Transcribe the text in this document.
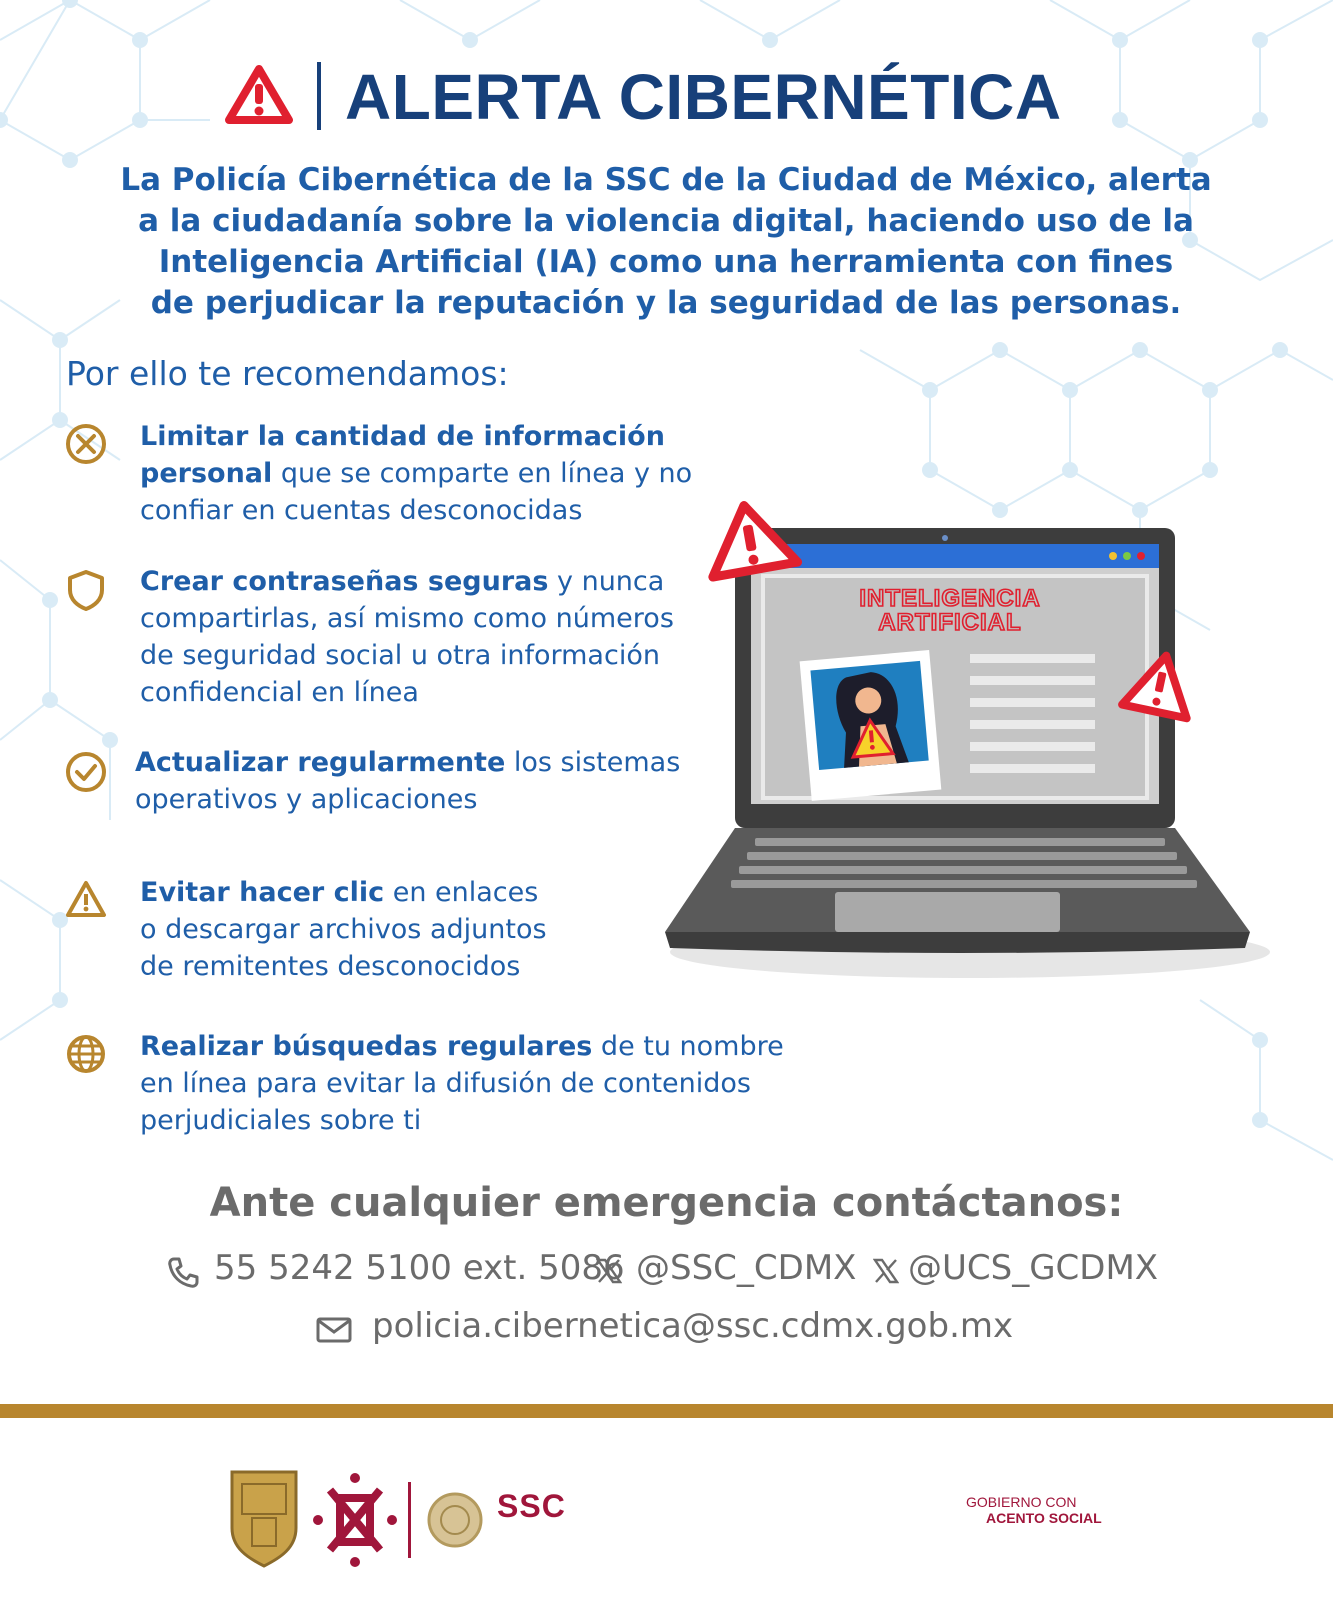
ALERTA CIBERNÉTICA
La Policía Cibernética de la SSC de la Ciudad de México, alerta
a la ciudadanía sobre la violencia digital, haciendo uso de la
Inteligencia Artificial (IA) como una herramienta con fines
de perjudicar la reputación y la seguridad de las personas.
Por ello te recomendamos:
Limitar la cantidad de información
personal que se comparte en línea y no
confiar en cuentas desconocidas
Crear contraseñas seguras y nunca
compartirlas, así mismo como números
de seguridad social u otra información
confidencial en línea
Actualizar regularmente los sistemas
operativos y aplicaciones
Evitar hacer clic en enlaces
o descargar archivos adjuntos
de remitentes desconocidos
Realizar búsquedas regulares de tu nombre
en línea para evitar la difusión de contenidos
perjudiciales sobre ti
INTELIGENCIA
ARTIFICIAL
Ante cualquier emergencia contáctanos:
55 5242 5100 ext. 5086 @SSC_CDMX @UCS_GCDMX
policia.cibernetica@ssc.cdmx.gob.mx
SSC	GOBIERNO CON
ACENTO SOCIAL
